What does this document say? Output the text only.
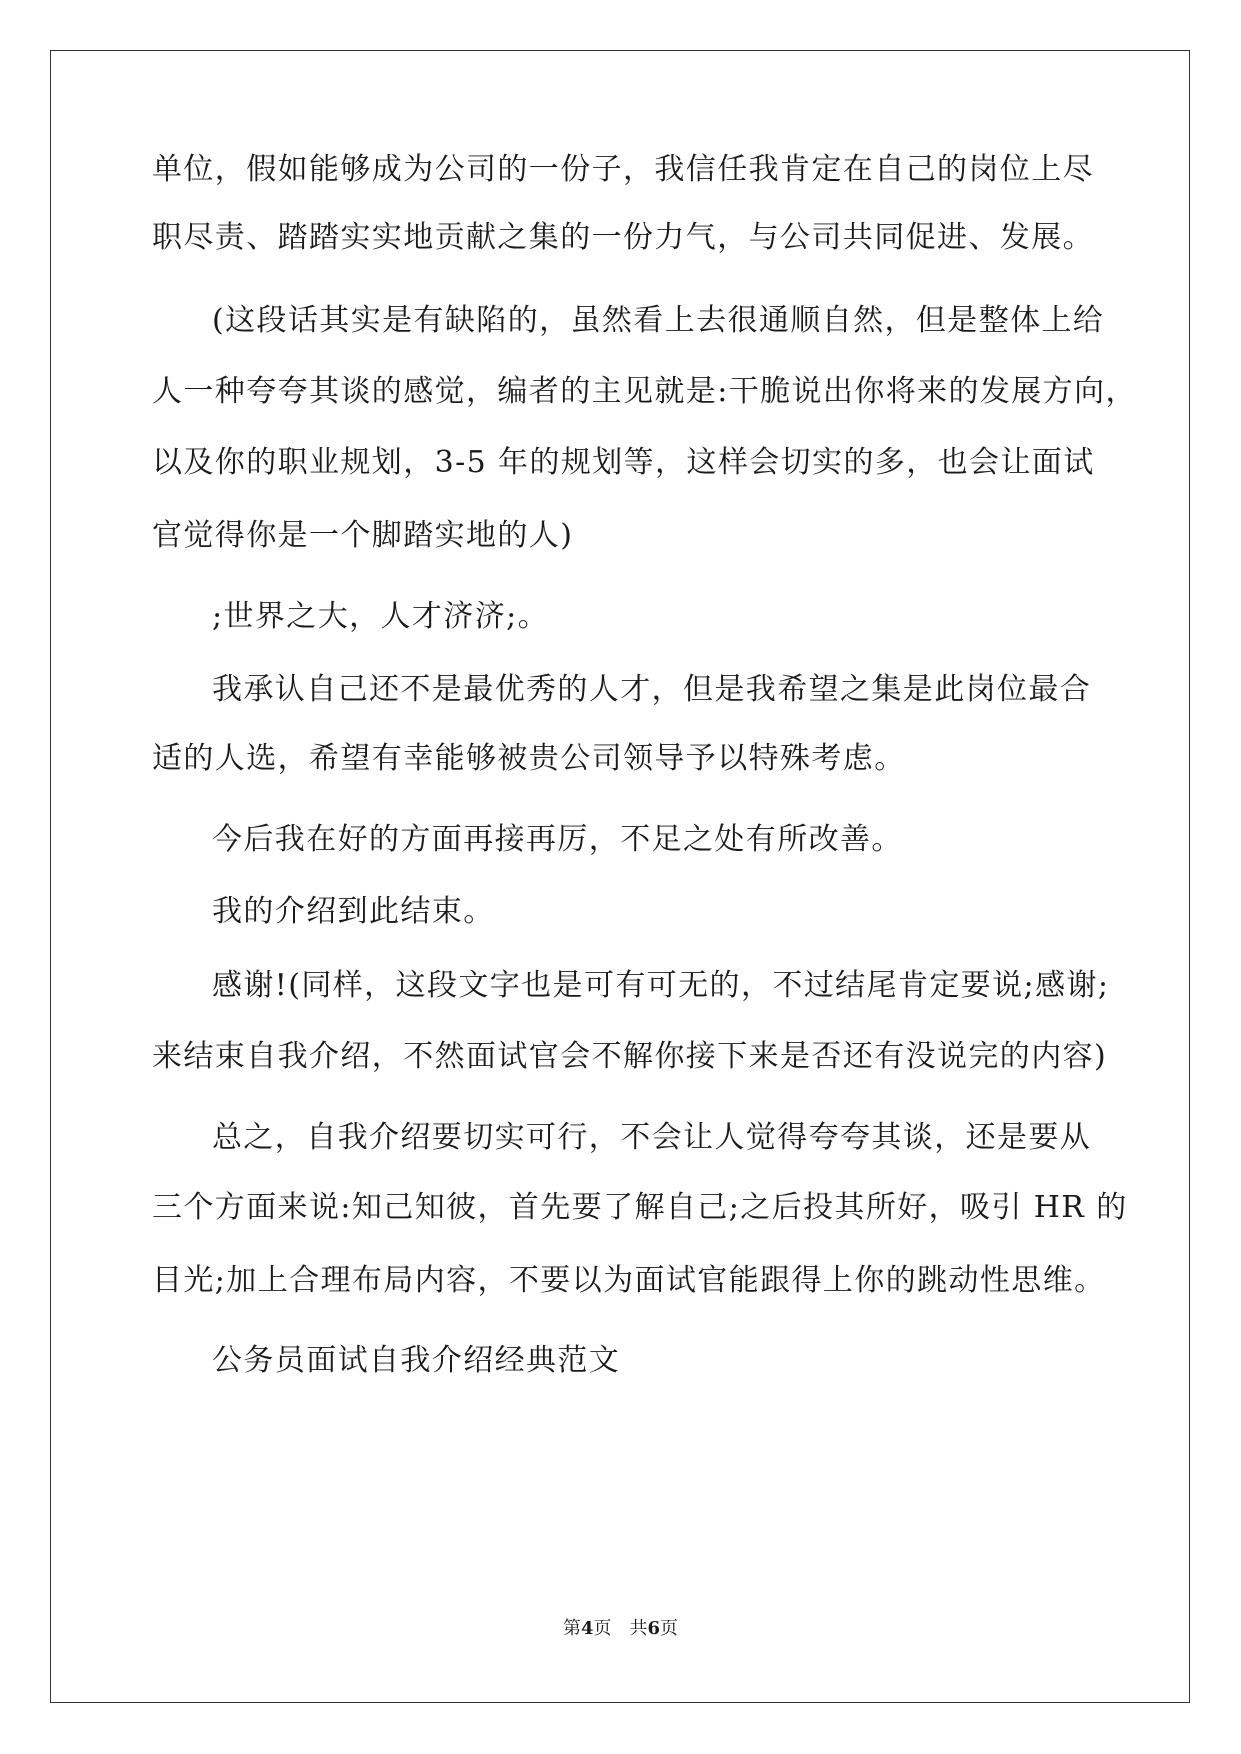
单位，假如能够成为公司的一份子，我信任我肯定在自己的岗位上尽
职尽责、踏踏实实地贡献之集的一份力气，与公司共同促进、发展。
(这段话其实是有缺陷的，虽然看上去很通顺自然，但是整体上给
人一种夸夸其谈的感觉，编者的主见就是:干脆说出你将来的发展方向，
以及你的职业规划，3-5 年的规划等，这样会切实的多，也会让面试
官觉得你是一个脚踏实地的人)
;世界之大，人才济济;。
我承认自己还不是最优秀的人才，但是我希望之集是此岗位最合
适的人选，希望有幸能够被贵公司领导予以特殊考虑。
今后我在好的方面再接再厉，不足之处有所改善。
我的介绍到此结束。
感谢!(同样，这段文字也是可有可无的，不过结尾肯定要说;感谢;
来结束自我介绍，不然面试官会不解你接下来是否还有没说完的内容)
总之，自我介绍要切实可行，不会让人觉得夸夸其谈，还是要从
三个方面来说:知己知彼，首先要了解自己;之后投其所好，吸引 HR 的
目光;加上合理布局内容，不要以为面试官能跟得上你的跳动性思维。
公务员面试自我介绍经典范文
第4页 共6页
